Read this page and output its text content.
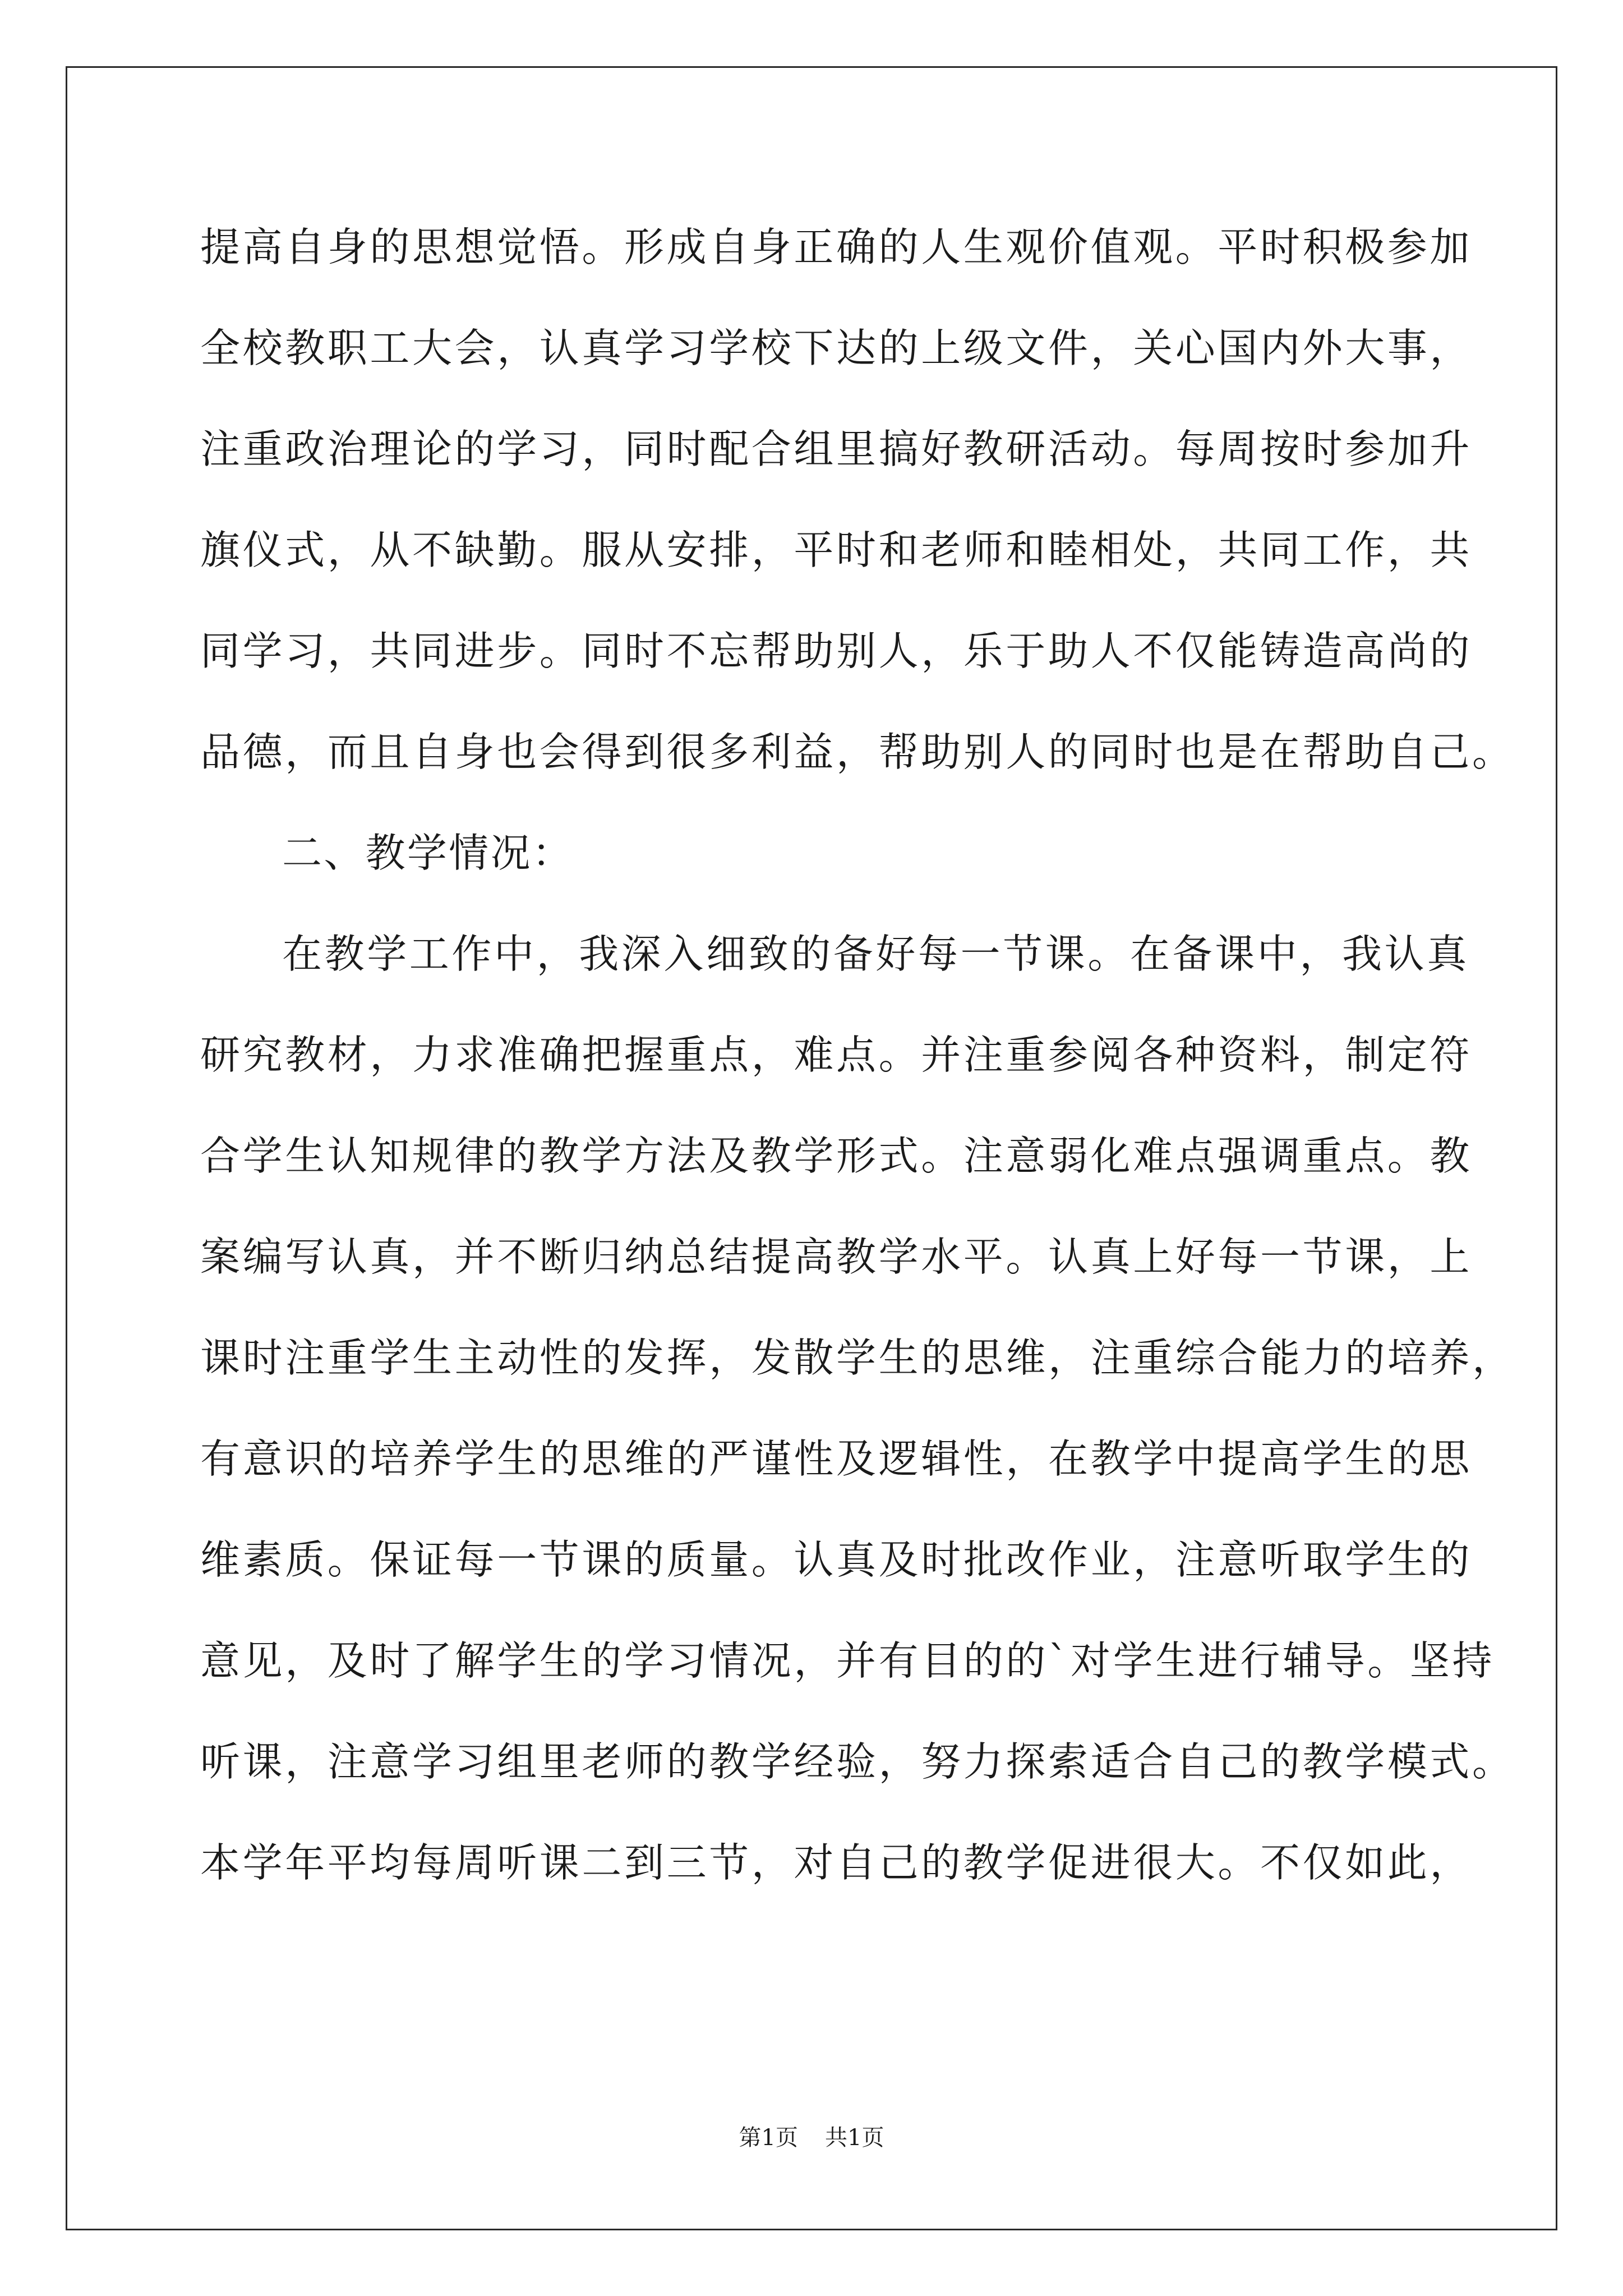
提高自身的思想觉悟。形成自身正确的人生观价值观。平时积极参加
全校教职工大会，认真学习学校下达的上级文件，关心国内外大事，
注重政治理论的学习，同时配合组里搞好教研活动。每周按时参加升
旗仪式，从不缺勤。服从安排，平时和老师和睦相处，共同工作，共
同学习，共同进步。同时不忘帮助别人，乐于助人不仅能铸造高尚的
品德，而且自身也会得到很多利益，帮助别人的同时也是在帮助自己。
二、教学情况：
在教学工作中，我深入细致的备好每一节课。在备课中，我认真
研究教材，力求准确把握重点，难点。并注重参阅各种资料，制定符
合学生认知规律的教学方法及教学形式。注意弱化难点强调重点。教
案编写认真，并不断归纳总结提高教学水平。认真上好每一节课，上
课时注重学生主动性的发挥，发散学生的思维，注重综合能力的培养，
有意识的培养学生的思维的严谨性及逻辑性，在教学中提高学生的思
维素质。保证每一节课的质量。认真及时批改作业，注意听取学生的
意见，及时了解学生的学习情况，并有目的的`对学生进行辅导。坚持
听课，注意学习组里老师的教学经验，努力探索适合自己的教学模式。
本学年平均每周听课二到三节，对自己的教学促进很大。不仅如此，
第1页 共1页
